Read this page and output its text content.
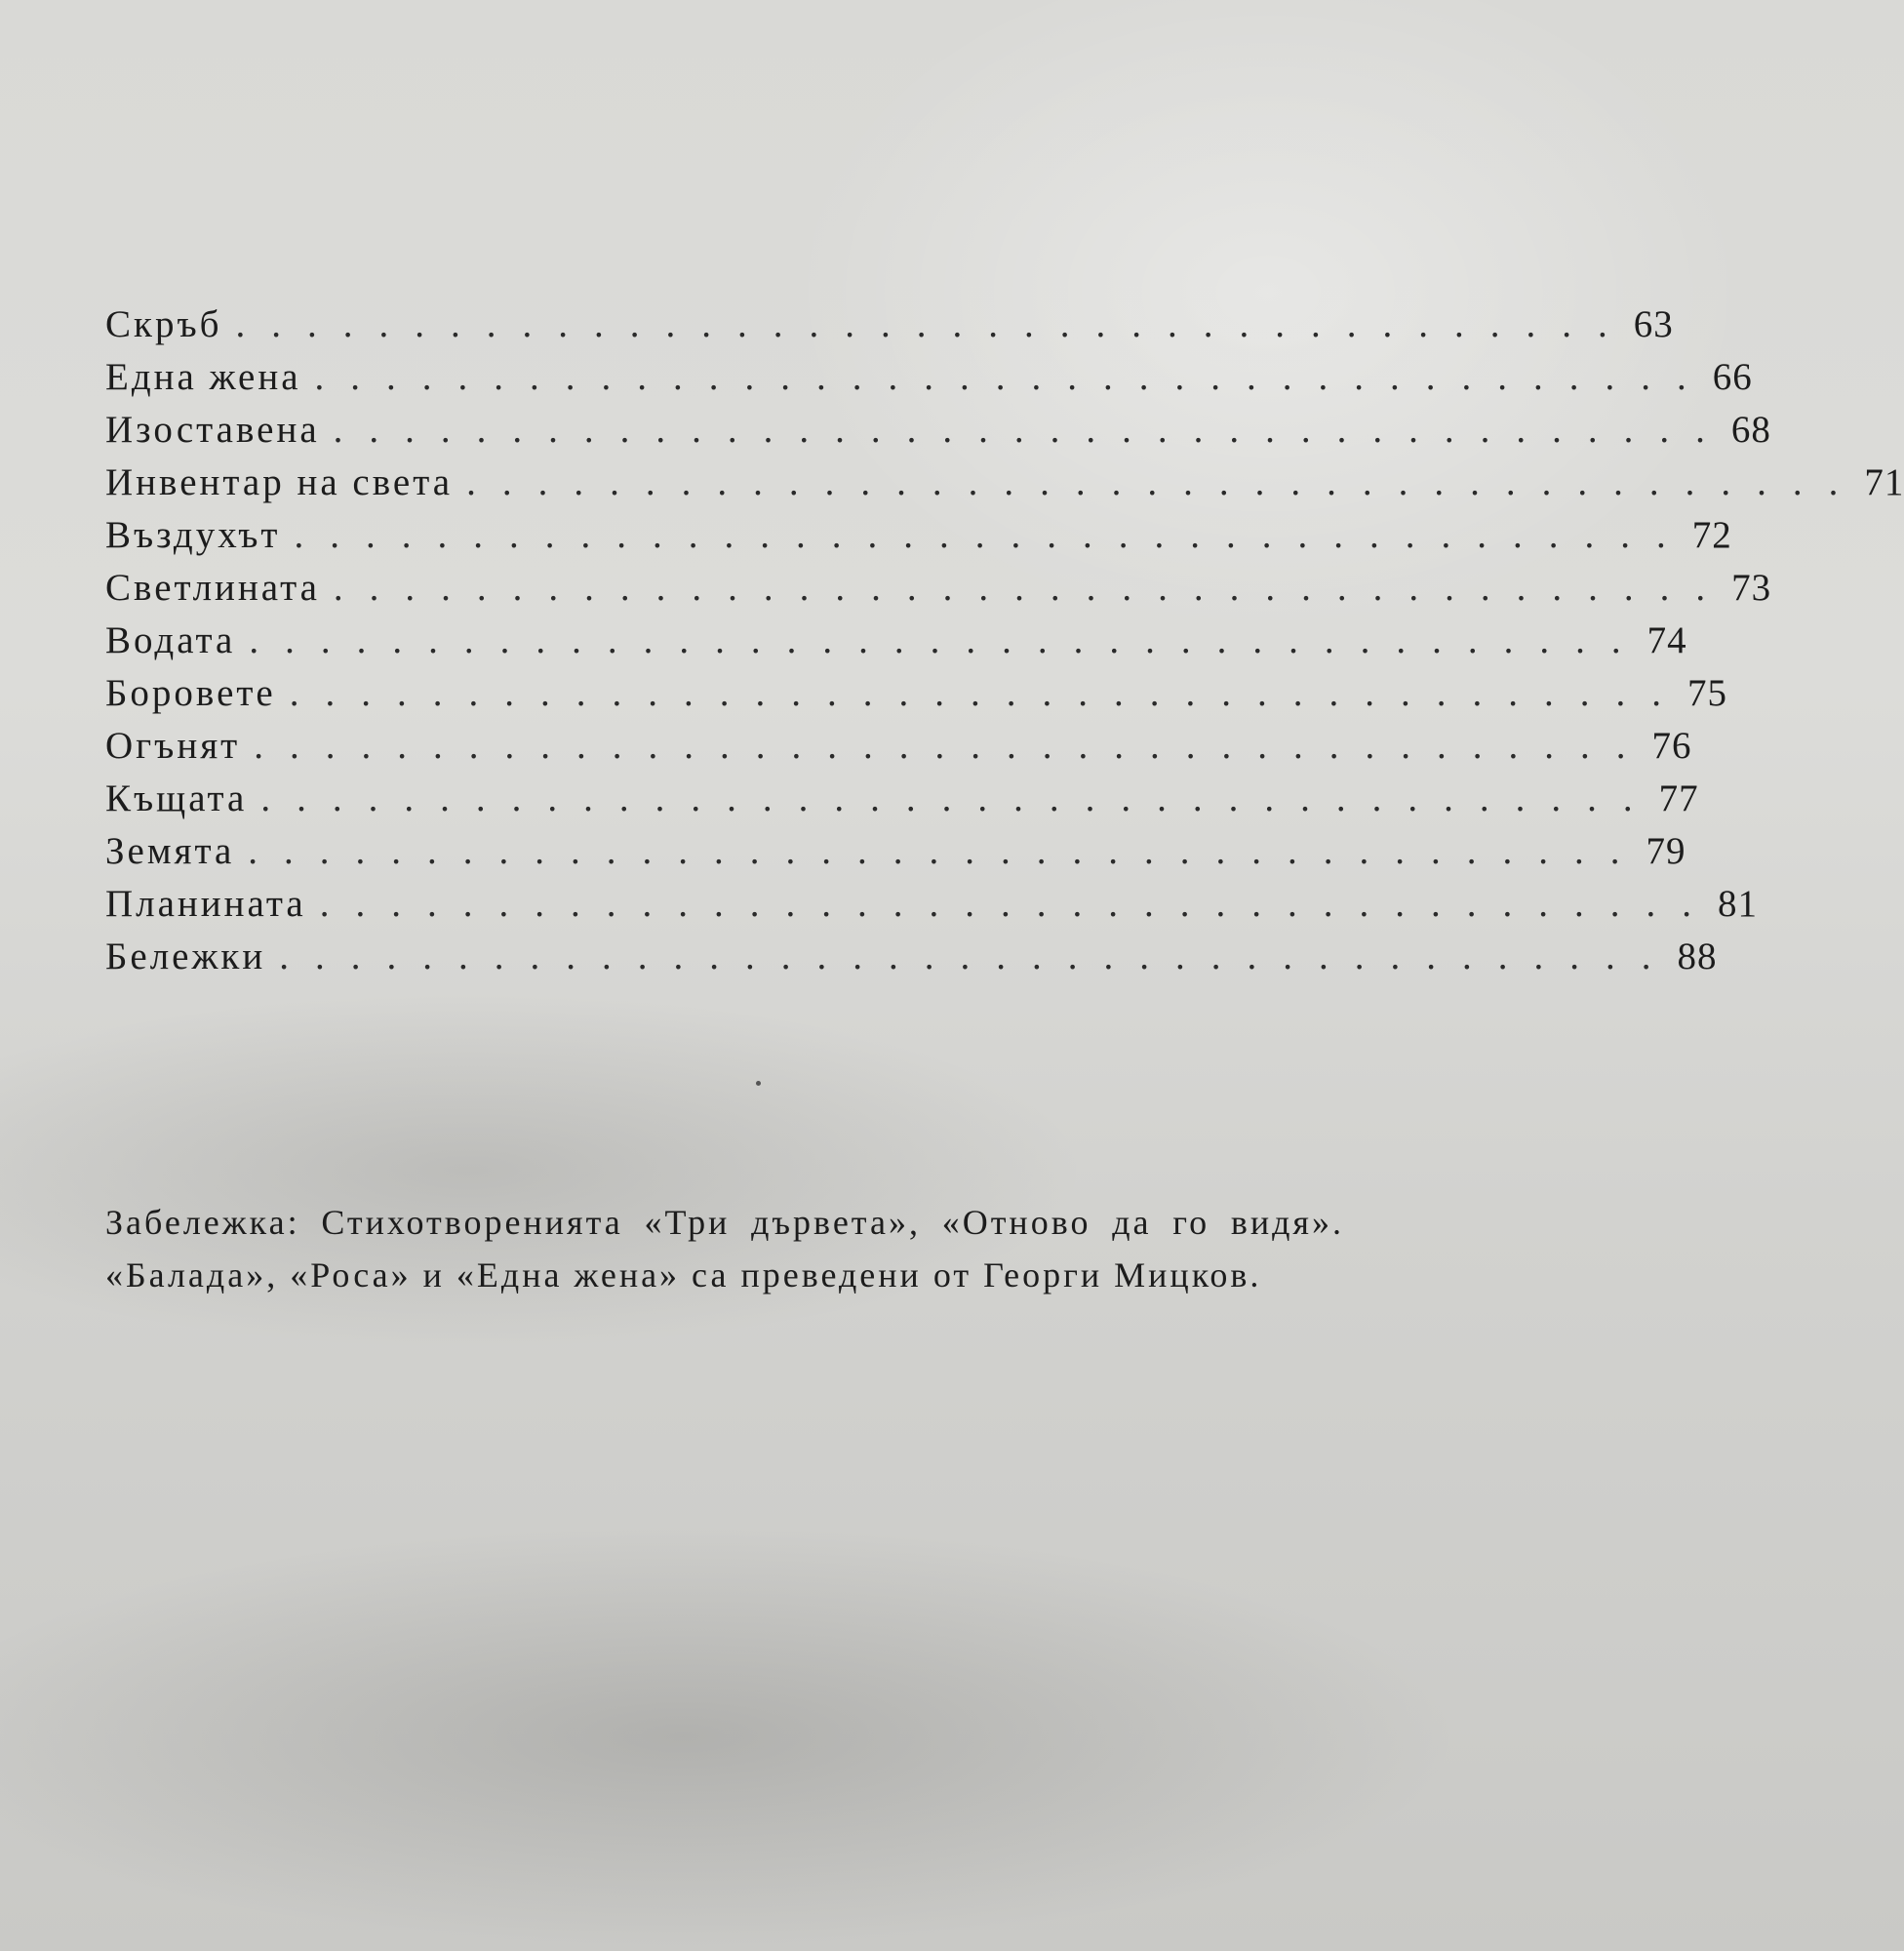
Скръб ....................................... 63
Една жена ....................................... 66
Изоставена ....................................... 68
Инвентар на света ....................................... 71
Въздухът ....................................... 72
Светлината ....................................... 73
Водата ....................................... 74
Боровете ....................................... 75
Огънят ....................................... 76
Къщата ....................................... 77
Земята ....................................... 79
Планината ....................................... 81
Бележки ....................................... 88

Забележка: Стихотворенията «Три дървета», «Отново да го видя». «Балада», «Роса» и «Една жена» са преведени от Георги Мицков.
